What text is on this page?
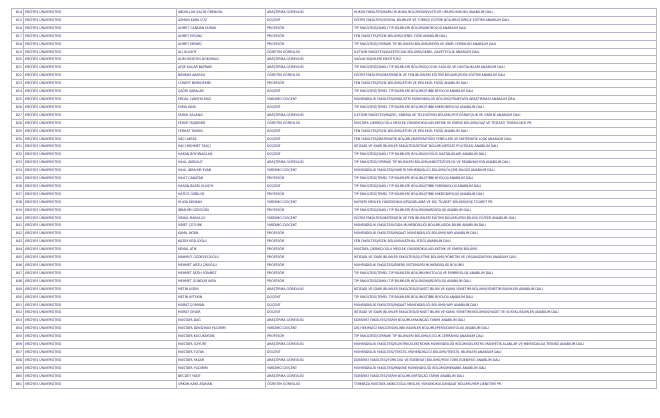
814	ERCİYES ÜNİVERSİTESİ	ABDULLAH SACİD ÖRENGÜL	ARAŞTIRMA GÖREVLİSİ	HUKUK FAKÜLTESİ/KAMU HUKUKU BÖLÜMÜ/DEVLETLER UMUMİ HUKUKU ANABİLİM DALI
815	ERCİYES ÜNİVERSİTESİ	AZMAN KARA CÜZ	DOÇENT	EĞİTİM FAKÜLTESİ/SOSYAL BİLİMLER VE TÜRKÇE EĞİTİMİ BÖLÜMÜ/TÜRKÇE EĞİTİMİ ANABİLİM DALI
816	ERCİYES ÜNİVERSİTESİ	AHMET CANDAN DURAK	PROFESÖR	TIP FAKÜLTESİ/DAHİLİ TIP BİLİMLERİ BÖLÜMÜ/NÖROLOJİ ANABİLİM DALI
817	ERCİYES ÜNİVERSİTESİ	AHMET ERGİNÇ	PROFESÖR	FEN FAKÜLTESİ/FİZİK BÖLÜMÜ/GENEL FİZİK ANABİLİM DALI
818	ERCİYES ÜNİVERSİTESİ	AHMET MENKÜ	PROFESÖR	TIP FAKÜLTESİ/CERRAHİ TIP BİLİMLERİ BÖLÜMÜ/BEYİN VE SİNİR CERRAHİSİ ANABİLİM DALI
819	ERCİYES ÜNİVERSİTESİ	ALİ ULUSOY	ÖĞRETİM GÖREVLİSİ	İLETİŞİM FAKÜLTESİ/GAZETECİLİK BÖLÜMÜ/GENEL GAZETECİLİK ANABİLİM DALI
820	ERCİYES ÜNİVERSİTESİ	ALİM HÜSEYİN DOKUMACI	ARAŞTIRMA GÖREVLİSİ	SAĞLIK BİLİMLERİ ENSTİTÜSÜ
821	ERCİYES ÜNİVERSİTESİ	AYŞE KAÇAR BAYRAM	ARAŞTIRMA GÖREVLİSİ	TIP FAKÜLTESİ/DAHİLİ TIP BİLİMLERİ BÖLÜMÜ/ÇOCUK SAĞLIĞI VE HASTALIKLARI ANABİLİM DALI
822	ERCİYES ÜNİVERSİTESİ	BAYRAM AKARSU	ÖĞRETİM GÖREVLİSİ	EĞİTİM FAKÜLTESİ/MATEMATİK VE FEN BİLİMLERİ EĞİTİMİ BÖLÜMÜ/FİZİK EĞİTİMİ ANABİLİM DALI
823	ERCİYES ÜNİVERSİTESİ	CÜNEYT BERKDEMİR	PROFESÖR	FEN FAKÜLTESİ/FİZİK BÖLÜMÜ/ATOM VE MOLEKÜL FİZİĞİ ANABİLİM DALI
824	ERCİYES ÜNİVERSİTESİ	ÇAĞRI ŞARALAR	DOÇENT	TIP FAKÜLTESİ/TEMEL TIP BİLİMLERİ BÖLÜMÜ/TIBBİ BİYOLOJİ ANABİLİM DALI
825	ERCİYES ÜNİVERSİTESİ	ERDAL CANSIYILMAZ	YARDIMCI DOÇENT	MÜHENDİSLİK FAKÜLTESİ/ENDÜSTRİ MÜHENDİSLİĞİ BÖLÜMÜ/YÖNEYLEM ARAŞTIRMASI ANABİLİM DALI
826	ERCİYES ÜNİVERSİTESİ	ESMA KAYA	DOÇENT	TIP FAKÜLTESİ/TEMEL TIP BİLİMLERİ BÖLÜMÜ/TIBBİ MİKROBİYOLOJİ ANABİLİM DALI
827	ERCİYES ÜNİVERSİTESİ	FARUK ASLANCI	ARAŞTIRMA GÖREVLİSİ	İLETİŞİM FAKÜLTESİ/RADYO, SİNEMA VE TELEVİZYON BÖLÜMÜ/FOTOĞRAFÇILIK VE GRAFİK ANABİLİM DALI
828	ERCİYES ÜNİVERSİTESİ	FEHMİ TAŞDEMİR	ÖĞRETİM GÖREVLİSİ	MUSTAFA ÇIKRIKÇIOĞLU MESLEK YÜKSEKOKULU/ELEKTRİK VE ENERJİ BÖLÜMÜ/GAZ VE TESİSATI TEKNOLOJİSİ PR.
829	ERCİYES ÜNİVERSİTESİ	FERHAT TASKIN	DOÇENT	FEN FAKÜLTESİ/FİZİK BÖLÜMÜ/ATOM VE MOLEKÜL FİZİĞİ ANABİLİM DALI
830	ERCİYES ÜNİVERSİTESİ	HACI AKTAŞ	DOÇENT	FEN FAKÜLTESİ/MATEMATİK BÖLÜMÜ/MATEMATİĞİN TEMELLERİ VE MATEMATİK LOJİK ANABİLİM DALI
831	ERCİYES ÜNİVERSİTESİ	HACI MEHMET TAŞÇI	DOÇENT	İKTİSADİ VE İDARİ BİLİMLER FAKÜLTESİ/İKTİSAT BÖLÜMÜ/İKTİSAT POLİTİKASI ANABİLİM DALI
832	ERCİYES ÜNİVERSİTESİ	HAKAN BOYUNAĞLAN	DOÇENT	TIP FAKÜLTESİ/DAHİLİ TIP BİLİMLERİ BÖLÜMÜ/GÖĞÜS HASTALIKLARI ANABİLİM DALI
833	ERCİYES ÜNİVERSİTESİ	HALİL AKBULUT	ARAŞTIRMA GÖREVLİSİ	TIP FAKÜLTESİ/CERRAHİ TIP BİLİMLERİ BÖLÜMÜ/ANESTEZİYOLOJİ VE REANİMASYON ANABİLİM DALI
834	ERCİYES ÜNİVERSİTESİ	HALİL İBRAHİM EVAN	YARDIMCI DOÇENT	MÜHENDİSLİK FAKÜLTESİ/HARİTA MÜHENDİSLİĞİ BÖLÜMÜ/ÖLÇME BİLGİSİ ANABİLİM DALI
835	ERCİYES ÜNİVERSİTESİ	HALİT CANATAN	PROFESÖR	TIP FAKÜLTESİ/TEMEL TIP BİLİMLERİ BÖLÜMÜ/TIBBİ BİYOLOJİ ANABİLİM DALI
836	ERCİYES ÜNİVERSİTESİ	HASAN BASRİ ULUSOY	DOÇENT	TIP FAKÜLTESİ/DAHİLİ TIP BİLİMLERİ BÖLÜMÜ/TIBBİ FARMAKOLOJİ ANABİLİM DALI
837	ERCİYES ÜNİVERSİTESİ	HATİCE ÖZBİLGE	PROFESÖR	TIP FAKÜLTESİ/TEMEL TIP BİLİMLERİ BÖLÜMÜ/TIBBİ MİKROBİYOLOJİ ANABİLİM DALI
838	ERCİYES ÜNİVERSİTESİ	HÜLYA DİKMAN	YARDIMCI DOÇENT	KAYSERİ MESLEK YÜKSEKOKULU/PAZARLAMA VE DIŞ TİCARET BÖLÜMÜ/DIŞ TİCARET PR.
839	ERCİYES ÜNİVERSİTESİ	İBRAHİM ÖZDOĞRU	PROFESÖR	TIP FAKÜLTESİ/DAHİLİ TIP BİLİMLERİ BÖLÜMÜ/KARDİYOLOJİ ANABİLİM DALI
840	ERCİYES ÜNİVERSİTESİ	İSMAİL MARULCU	YARDIMCI DOÇENT	EĞİTİM FAKÜLTESİ/MATEMATİK VE FEN BİLİMLERİ EĞİTİMİ BÖLÜMÜ/FEN BİLGİSİ EĞİTİMİ ANABİLİM DALI
841	ERCİYES ÜNİVERSİTESİ	İSMET ÇOTURK	YARDIMCI DOÇENT	MÜHENDİSLİK FAKÜLTESİ/GIDA MÜHENDİSLİĞİ BÖLÜMÜ/GIDA BİLİMİ ANABİLİM DALI
842	ERCİYES ÜNİVERSİTESİ	KAMİL AYDIN	PROFESÖR	MÜHENDİSLİK FAKÜLTESİ/İNŞAAT MÜHENDİSLİĞİ BÖLÜMÜ/YAPI ANABİLİM DALI
843	ERCİYES ÜNİVERSİTESİ	KAZIM KEŞLİOĞLU	PROFESÖR	FEN FAKÜLTESİ/FİZİK BÖLÜMÜ/KATIHAL FİZİĞİ ANABİLİM DALI
844	ERCİYES ÜNİVERSİTESİ	KEMAL ATİK	PROFESÖR	MUSTAFA ÇIKRIKÇIOĞLU MESLEK YÜKSEKOKULU/ELEKTRİK VE ENERJİ BÖLÜMÜ
845	ERCİYES ÜNİVERSİTESİ	MAHMUT ÖZDEVECİOĞLU	PROFESÖR	İKTİSADİ VE İDARİ BİLİMLER FAKÜLTESİ/İŞLETME BÖLÜMÜ/YÖNETİM VE ORGANİZASYON ANABİLİM DALI
846	ERCİYES ÜNİVERSİTESİ	MEHMET ARZU ÇİKOĞLU	PROFESÖR	MÜHENDİSLİK FAKÜLTESİ/ENERJİ SİSTEMLERİ MÜHENDİSLİĞİ BÖLÜMÜ
847	ERCİYES ÜNİVERSİTESİ	MEHMET FATİH SÖNMEZ	PROFESÖR	TIP FAKÜLTESİ/TEMEL TIP BİLİMLERİ BÖLÜMÜ/HİSTOLOJİ VE EMBRİYOLOJİ ANABİLİM DALI
848	ERCİYES ÜNİVERSİTESİ	MEHMET GÜNDÜR KAYA	PROFESÖR	TIP FAKÜLTESİ/DAHİLİ TIP BİLİMLERİ BÖLÜMÜ/KARDİYOLOJİ ANABİLİM DALI
849	ERCİYES ÜNİVERSİTESİ	METİN AYDIN	ARAŞTIRMA GÖREVLİSİ	İKTİSADİ VE İDARİ BİLİMLER FAKÜLTESİ/SİYASET BİLİMİ VE KAMU YÖNETİMİ BÖLÜMÜ/YÖNETİM BİLİMLERİ ANABİLİM DALI
850	ERCİYES ÜNİVERSİTESİ	METİN AYTEKİN	DOÇENT	TIP FAKÜLTESİ/TEMEL TIP BİLİMLERİ BÖLÜMÜ/TIBBİ BİYOLOJİ ANABİLİM DALI
851	ERCİYES ÜNİVERSİTESİ	MURAT ÇORMAN	DOÇENT	MÜHENDİSLİK FAKÜLTESİ/İNŞAAT MÜHENDİSLİĞİ BÖLÜMÜ/YAPI ANABİLİM DALI
852	ERCİYES ÜNİVERSİTESİ	MURAT SEVER	DOÇENT	İKTİSADİ VE İDARİ BİLİMLER FAKÜLTESİ/SİYASET BİLİMİ VE KAMU YÖNETİMİ BÖLÜMÜ/SİYASET VE SOSYAL BİLİMLER ANABİLİM DALI
853	ERCİYES ÜNİVERSİTESİ	MUSTAFA DAĞ	ARAŞTIRMA GÖREVLİSİ	EDEBİYAT FAKÜLTESİ/TARİH BÖLÜMÜ/YAKINÇAĞ TARİHİ ANABİLİM DALI
854	ERCİYES ÜNİVERSİTESİ	MUSTAFA DENİZHAN YILDIRIM	YARDIMCI DOÇENT	DİŞ HEKİMLİĞİ FAKÜLTESİ/KLİNİK BİLİMLER BÖLÜMÜ/PERİODONTOLOJİ ANABİLİM DALI
855	ERCİYES ÜNİVERSİTESİ	MUSTAFA KUCUKAYDIN	PROFESÖR	TIP FAKÜLTESİ/CERRAHİ TIP BİLİMLERİ BÖLÜMÜ/ÇOCUK CERRAHİSİ ANABİLİM DALI
856	ERCİYES ÜNİVERSİTESİ	MUSTAFA ÖZYURT	ARAŞTIRMA GÖREVLİSİ	MÜHENDİSLİK FAKÜLTESİ/ELEKTRİK-ELEKTRONİK MÜHENDİSLİĞİ BÖLÜMÜ/ELEKTRO MANYETİK ALANLAR VE MİKRODALGA TEKNİĞİ ANABİLİM DALI
857	ERCİYES ÜNİVERSİTESİ	MUSTAFA TUTAK	DOÇENT	MÜHENDİSLİK FAKÜLTESİ/TEKSTİL MÜHENDİSLİĞİ BÖLÜMÜ/TEKSTİL BİLİMLERİ ANABİLİM DALI
858	ERCİYES ÜNİVERSİTESİ	MUSTAFA YAŞAR	ARAŞTIRMA GÖREVLİSİ	EDEBİYAT FAKÜLTESİ/TÜRK DİLİ VE EDEBİYATI BÖLÜMÜ/YENİ TÜRK EDEBİYATI ANABİLİM DALI
859	ERCİYES ÜNİVERSİTESİ	MUSTAFA YILDIRIM	YARDIMCI DOÇENT	MÜHENDİSLİK FAKÜLTESİ/MAKİNE MÜHENDİSLİĞİ BÖLÜMÜ/MEKANİK ANABİLİM DALI
860	ERCİYES ÜNİVERSİTESİ	NECDET YAŞIT	ARAŞTIRMA GÖREVLİSİ	EDEBİYAT FAKÜLTESİ/TARİH BÖLÜMÜ/ORTAÇAĞ TARİHİ ANABİLİM DALI
861	ERCİYES ÜNİVERSİTESİ	ORKUN KAYA ATAHAN	ÖĞRETİM GÖREVLİSİ	TOMARZA MUSTAFA AKINCIOĞLU MESLEK YÜKSEKOKULU/İNŞAAT BÖLÜMÜ/YAPI DENETİMİ PR.
